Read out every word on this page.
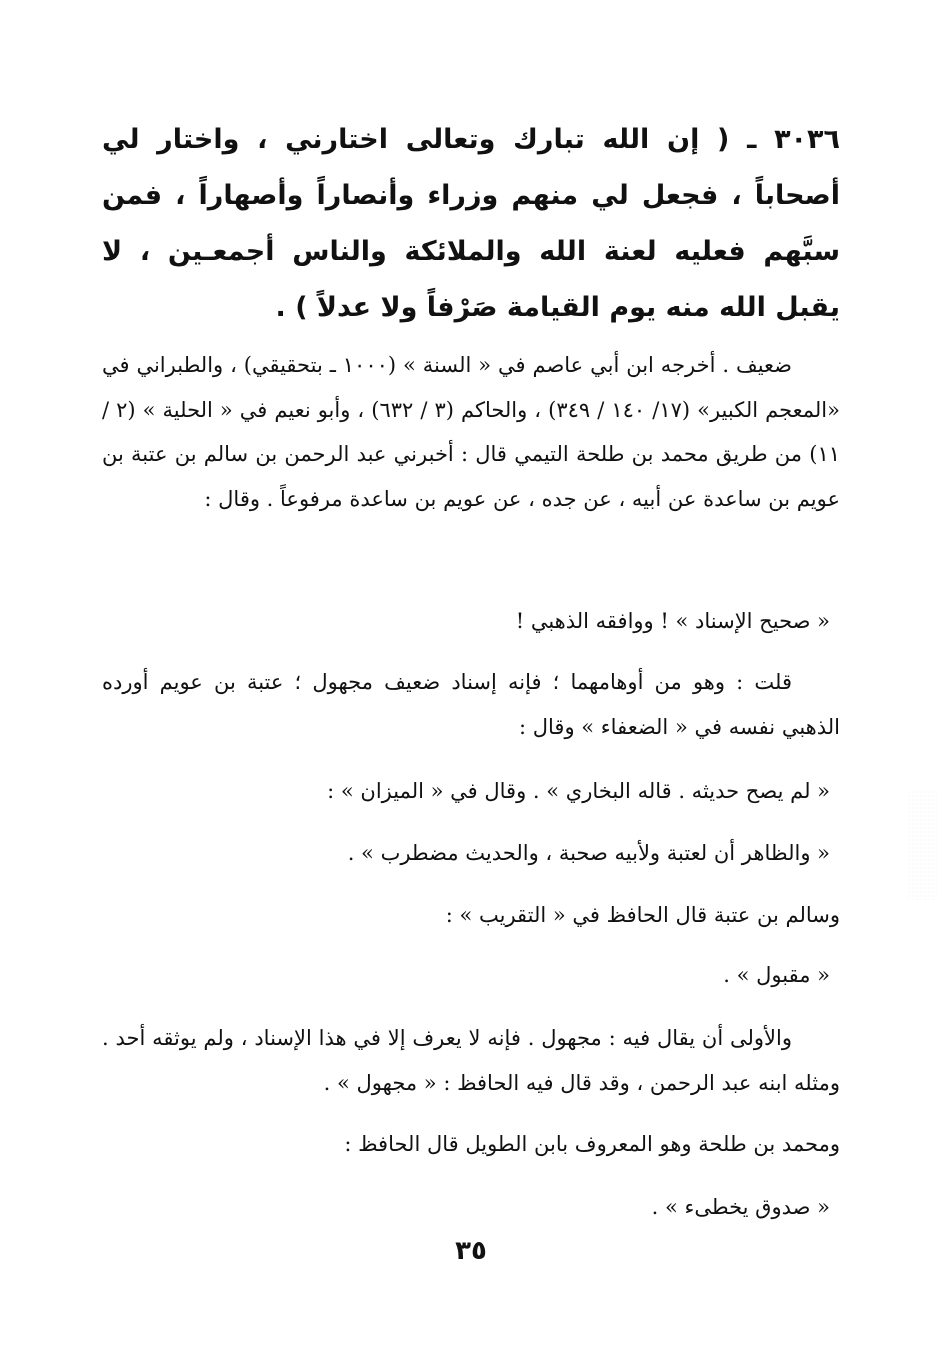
٣٠٣٦ ـ ( إن الله تبارك وتعالى اختارني ، واختار لي أصحاباً ، فجعل لي منهم وزراء وأنصاراً وأصهاراً ، فمن سبَّهم فعليه لعنة الله والملائكة والناس أجمعـين ، لا يقبل الله منه يوم القيامة صَرْفاً ولا عدلاً ) .

ضعيف . أخرجه ابن أبي عاصم في « السنة » (١٠٠٠ ـ بتحقيقي) ، والطبراني في «المعجم الكبير» (١٧/ ١٤٠ / ٣٤٩) ، والحاكم (٣ / ٦٣٢) ، وأبو نعيم في « الحلية » (٢ / ١١) من طريق محمد بن طلحة التيمي قال : أخبرني عبد الرحمن بن سالم بن عتبة بن عويم بن ساعدة عن أبيه ، عن جده ، عن عويم بن ساعدة مرفوعاً . وقال :

« صحيح الإسناد » ! ووافقه الذهبي !

قلت : وهو من أوهامهما ؛ فإنه إسناد ضعيف مجهول ؛ عتبة بن عويم أورده الذهبي نفسه في « الضعفاء » وقال :

« لم يصح حديثه . قاله البخاري » . وقال في « الميزان » :

« والظاهر أن لعتبة ولأبيه صحبة ، والحديث مضطرب » .

وسالم بن عتبة قال الحافظ في « التقريب » :

« مقبول » .

والأولى أن يقال فيه : مجهول . فإنه لا يعرف إلا في هذا الإسناد ، ولم يوثقه أحد . ومثله ابنه عبد الرحمن ، وقد قال فيه الحافظ : « مجهول » .

ومحمد بن طلحة وهو المعروف بابن الطويل قال الحافظ :

« صدوق يخطىء » .

٣٥
